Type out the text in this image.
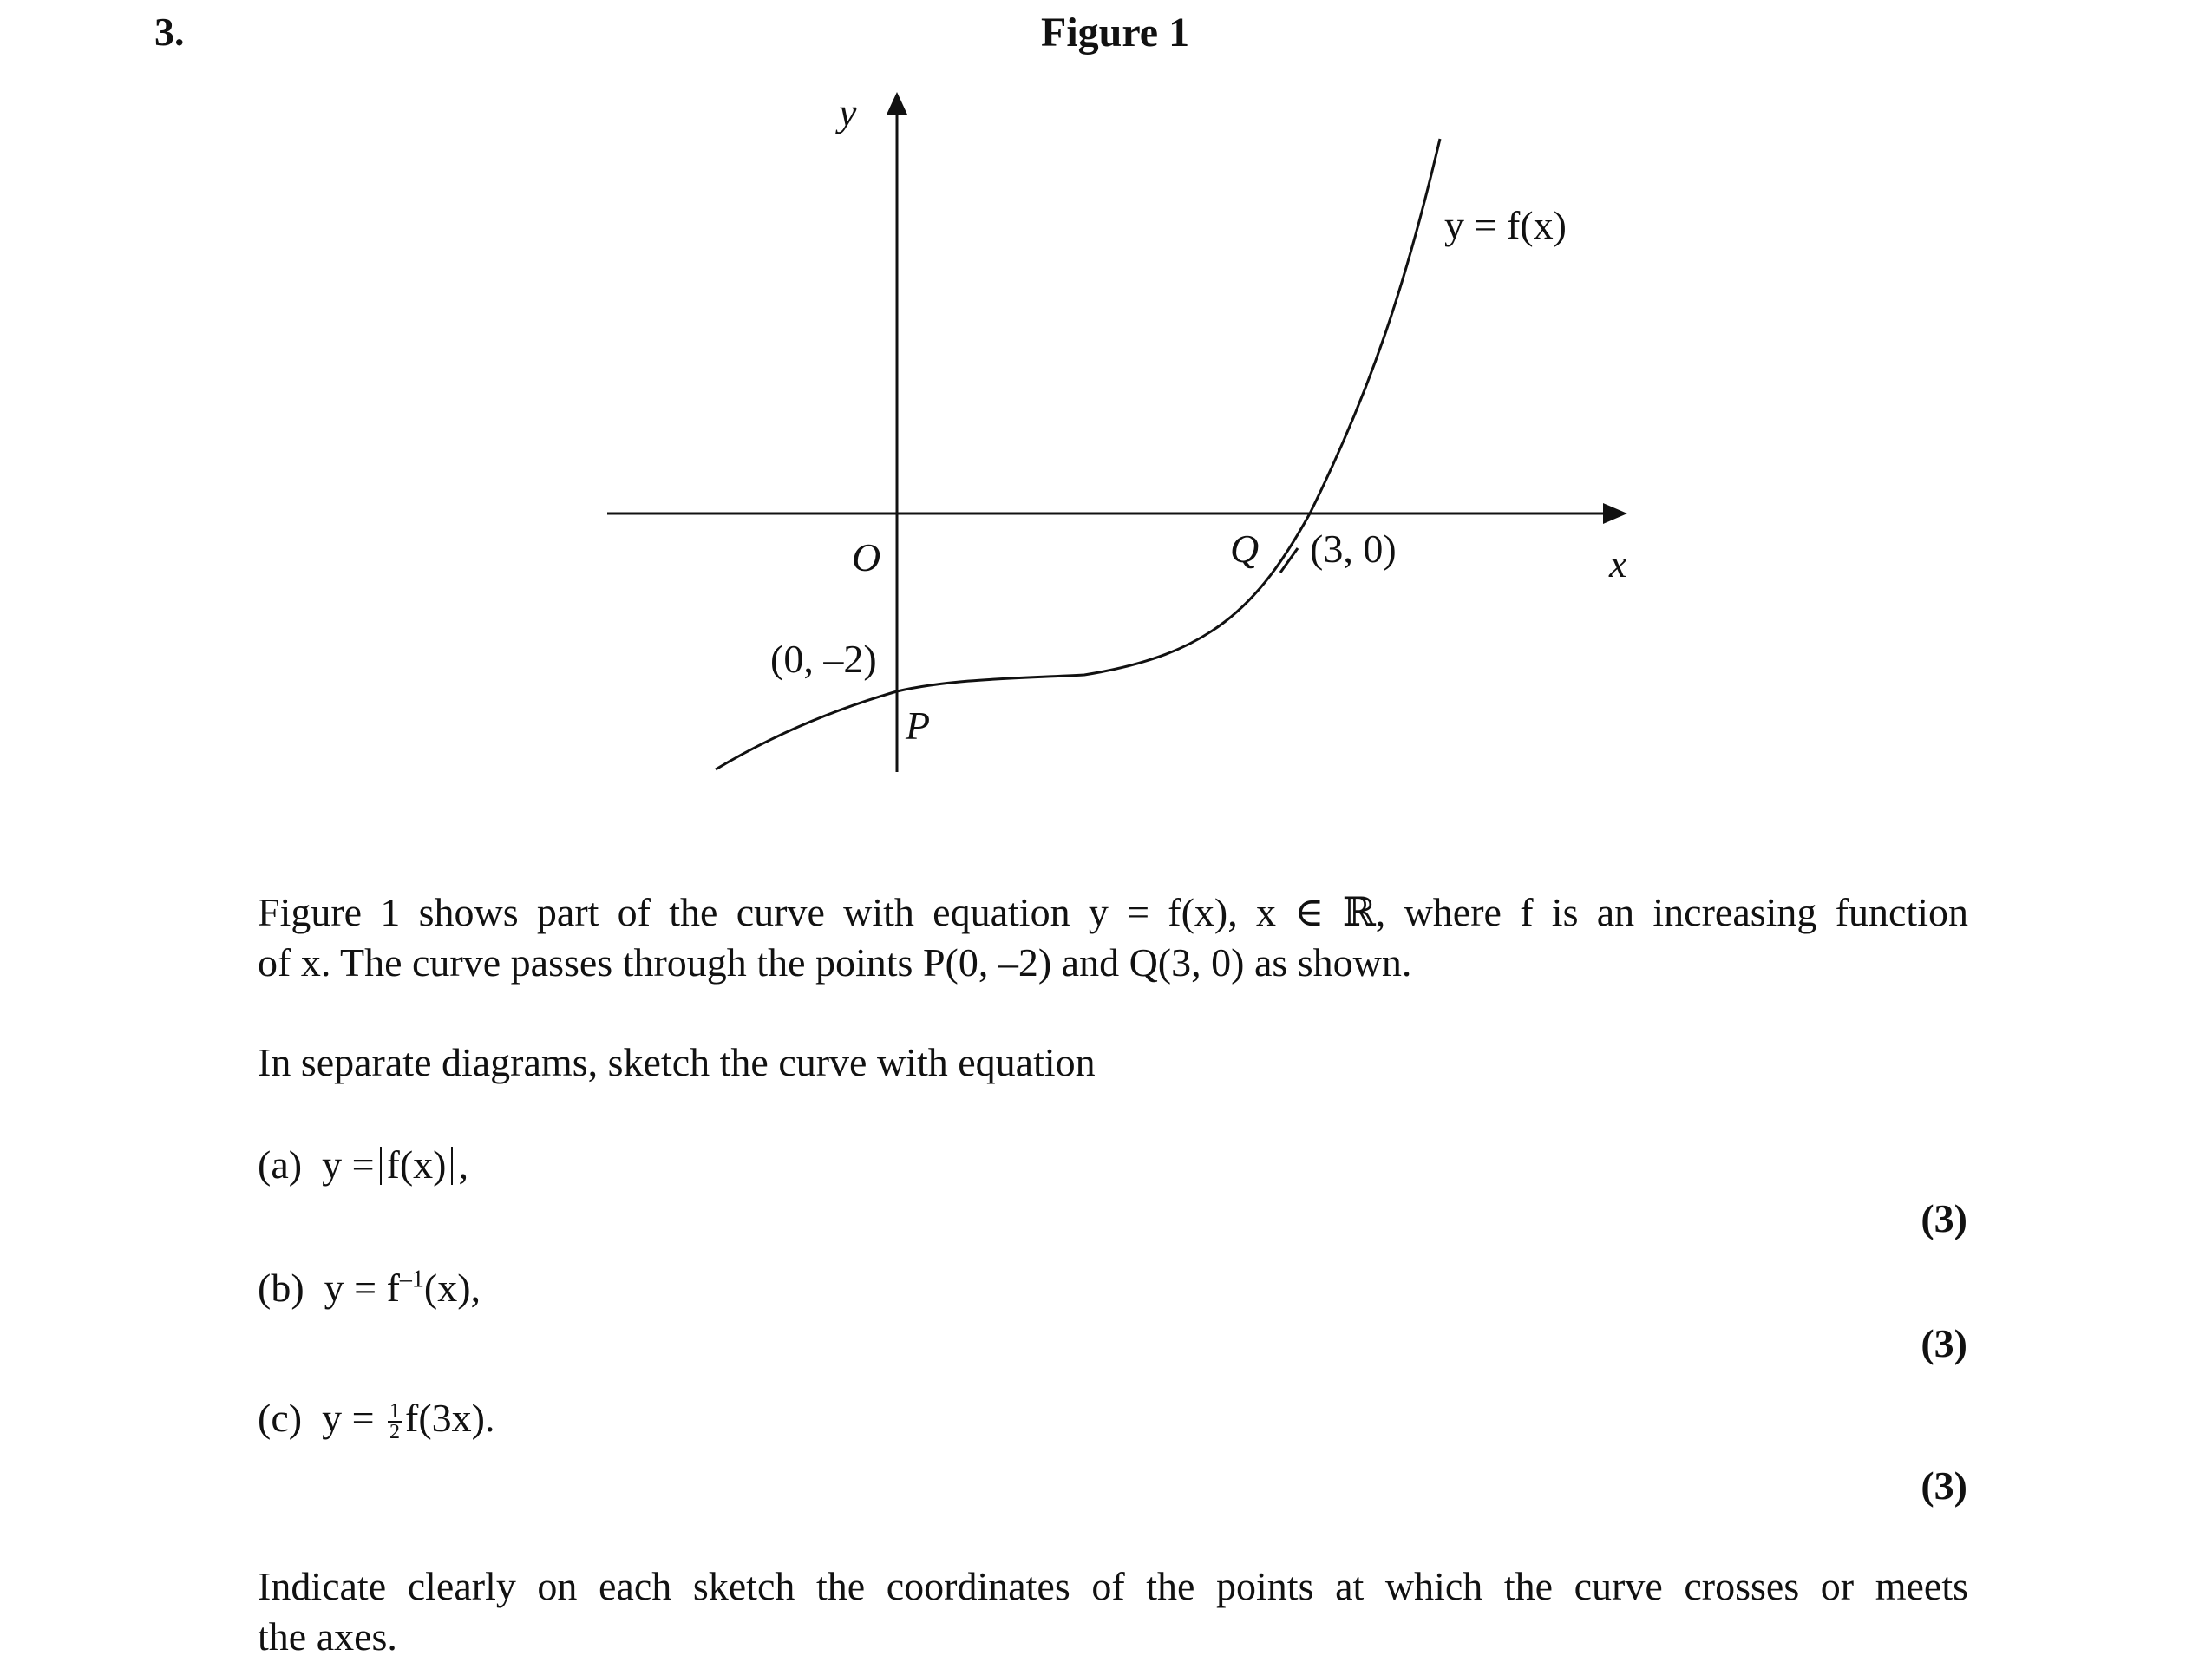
3.	Figure 1
y
x
O
y = f(x)
(0, –2)
P
Q (3, 0)
Figure 1 shows part of the curve with equation y = f(x), x ∈ ℝ, where f is an increasing function
of x. The curve passes through the points P(0, –2) and Q(3, 0) as shown.
In separate diagrams, sketch the curve with equation
(a) y = f(x) ,
(3)
(b) $y = f^{-1}(x)$,
(3)
(c) $y = \frac{1}{2} f(3x)$.
(3)
Indicate clearly on each sketch the coordinates of the points at which the curve crosses or meets
the axes.
